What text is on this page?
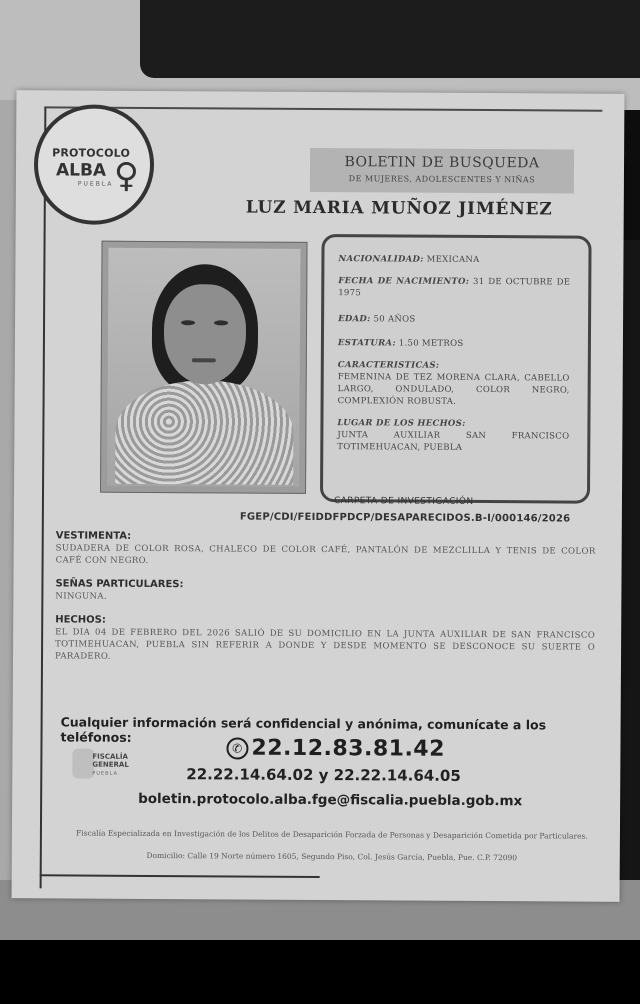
PROTOCOLO
ALBA
PUEBLA ♀	BOLETIN DE BUSQUEDA
DE MUJERES, ADOLESCENTES Y NIÑAS
LUZ MARIA MUÑOZ JIMÉNEZ
NACIONALIDAD: MEXICANA
FECHA DE NACIMIENTO: 31 DE OCTUBRE DE 1975
EDAD: 50 AÑOS
ESTATURA: 1.50 METROS
CARACTERISTICAS:
FEMENINA DE TEZ MORENA CLARA, CABELLO LARGO, ONDULADO, COLOR NEGRO, COMPLEXIÓN ROBUSTA.
LUGAR DE LOS HECHOS:
JUNTA AUXILIAR SAN FRANCISCO TOTIMEHUACAN, PUEBLA
CARPETA DE INVESTIGACIÓN
FGEP/CDI/FEIDDFPDCP/DESAPARECIDOS.B-I/000146/2026
VESTIMENTA:
SUDADERA DE COLOR ROSA, CHALECO DE COLOR CAFÉ, PANTALÓN DE MEZCLILLA Y TENIS DE COLOR CAFÉ CON NEGRO.
SEÑAS PARTICULARES:
NINGUNA.
HECHOS:
EL DIA 04 DE FEBRERO DEL 2026 SALIÓ DE SU DOMICILIO EN LA JUNTA AUXILIAR DE SAN FRANCISCO TOTIMEHUACAN, PUEBLA SIN REFERIR A DONDE Y DESDE MOMENTO SE DESCONOCE SU SUERTE O PARADERO.
Cualquier información será confidencial y anónima, comunícate a los teléfonos:
FISCALÍA
GENERAL
PUEBLA
✆ 22.12.83.81.42
22.22.14.64.02 y 22.22.14.64.05
boletin.protocolo.alba.fge@fiscalia.puebla.gob.mx
Fiscalía Especializada en Investigación de los Delitos de Desaparición Forzada de Personas y Desaparición Cometida por Particulares.
Domicilio: Calle 19 Norte número 1605, Segundo Piso, Col. Jesús García, Puebla, Pue. C.P. 72090
